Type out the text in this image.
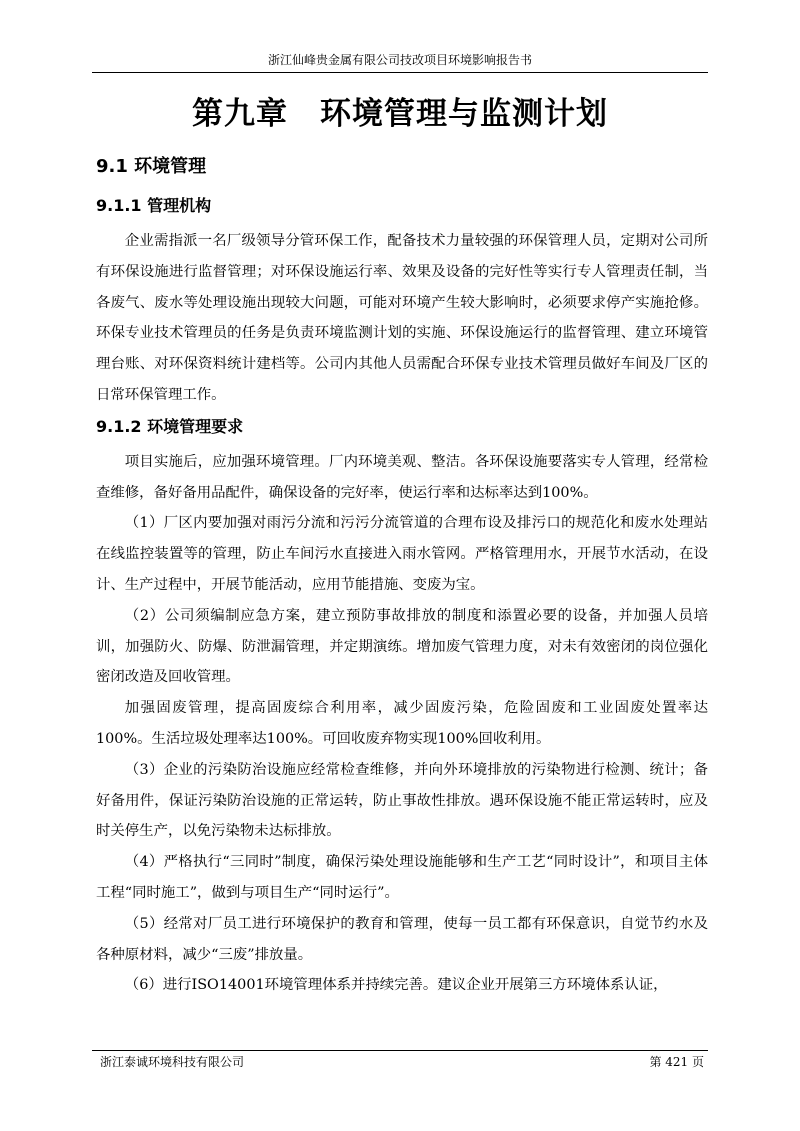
浙江仙峰贵金属有限公司技改项目环境影响报告书
第九章　环境管理与监测计划
9.1 环境管理
9.1.1 管理机构

企业需指派一名厂级领导分管环保工作，配备技术力量较强的环保管理人员，定期对公司所有环保设施进行监督管理；对环保设施运行率、效果及设备的完好性等实行专人管理责任制，当各废气、废水等处理设施出现较大问题，可能对环境产生较大影响时，必须要求停产实施抢修。环保专业技术管理员的任务是负责环境监测计划的实施、环保设施运行的监督管理、建立环境管理台账、对环保资料统计建档等。公司内其他人员需配合环保专业技术管理员做好车间及厂区的日常环保管理工作。

9.1.2 环境管理要求

项目实施后，应加强环境管理。厂内环境美观、整洁。各环保设施要落实专人管理，经常检查维修，备好备用品配件，确保设备的完好率，使运行率和达标率达到100%。

（1）厂区内要加强对雨污分流和污污分流管道的合理布设及排污口的规范化和废水处理站在线监控装置等的管理，防止车间污水直接进入雨水管网。严格管理用水，开展节水活动，在设计、生产过程中，开展节能活动，应用节能措施、变废为宝。

（2）公司须编制应急方案，建立预防事故排放的制度和添置必要的设备，并加强人员培训，加强防火、防爆、防泄漏管理，并定期演练。增加废气管理力度，对未有效密闭的岗位强化密闭改造及回收管理。

加强固废管理，提高固废综合利用率，减少固废污染，危险固废和工业固废处置率达100%。生活垃圾处理率达100%。可回收废弃物实现100%回收利用。

（3）企业的污染防治设施应经常检查维修，并向外环境排放的污染物进行检测、统计；备好备用件，保证污染防治设施的正常运转，防止事故性排放。遇环保设施不能正常运转时，应及时关停生产，以免污染物未达标排放。

（4）严格执行“三同时”制度，确保污染处理设施能够和生产工艺“同时设计”，和项目主体工程“同时施工”，做到与项目生产“同时运行”。

（5）经常对厂员工进行环境保护的教育和管理，使每一员工都有环保意识，自觉节约水及各种原材料，减少“三废”排放量。

（6）进行ISO14001环境管理体系并持续完善。建议企业开展第三方环境体系认证，

浙江泰诚环境科技有限公司	第 421 页
